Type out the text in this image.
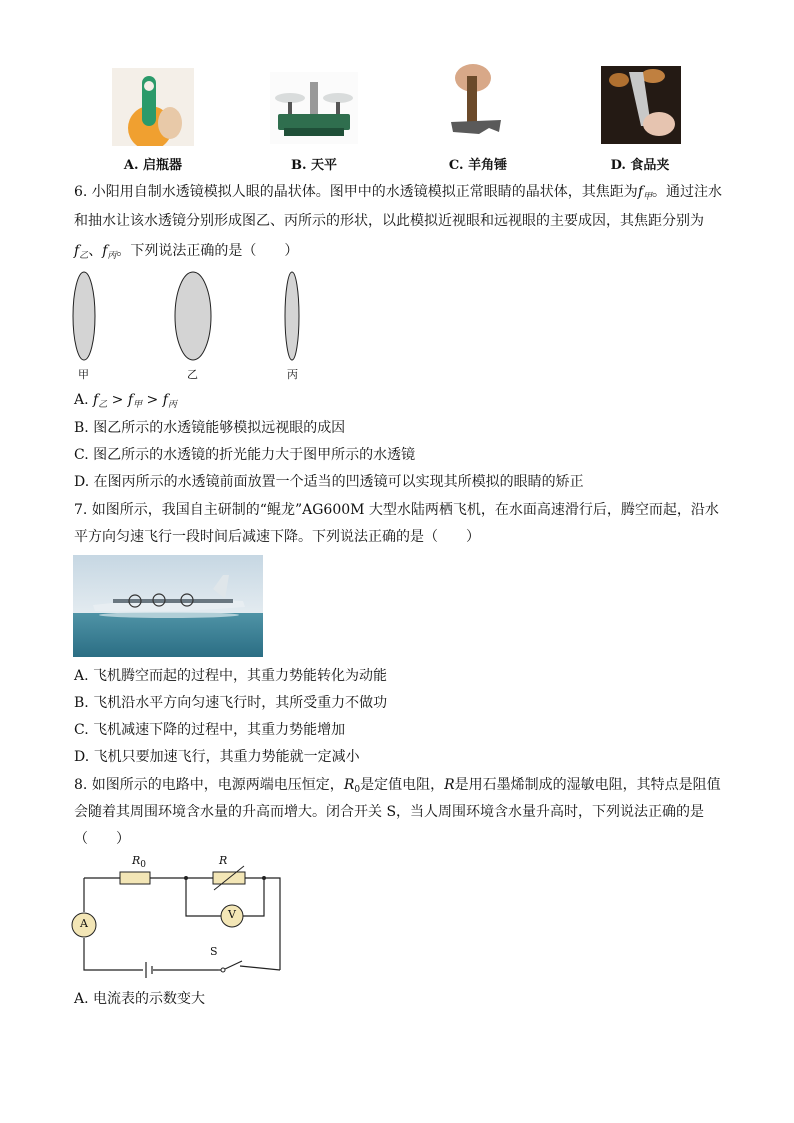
A. 启瓶器	B. 天平	C. 羊角锤	D. 食品夹
6. 小阳用自制水透镜模拟人眼的晶状体。图甲中的水透镜模拟正常眼睛的晶状体，其焦距为$f_甲$。通过注水
和抽水让该水透镜分别形成图乙、丙所示的形状，以此模拟近视眼和远视眼的主要成因，其焦距分别为
$f_乙$、$f_丙$。下列说法正确的是（　　）
甲	乙	丙
A. $f_乙 > f_甲 > f_丙$
B. 图乙所示的水透镜能够模拟远视眼的成因
C. 图乙所示的水透镜的折光能力大于图甲所示的水透镜
D. 在图丙所示的水透镜前面放置一个适当的凹透镜可以实现其所模拟的眼睛的矫正
7. 如图所示，我国自主研制的“鲲龙”AG600M 大型水陆两栖飞机，在水面高速滑行后，腾空而起，沿水
平方向匀速飞行一段时间后减速下降。下列说法正确的是（　　）
A. 飞机腾空而起的过程中，其重力势能转化为动能
B. 飞机沿水平方向匀速飞行时，其所受重力不做功
C. 飞机减速下降的过程中，其重力势能增加
D. 飞机只要加速飞行，其重力势能就一定减小
8. 如图所示的电路中，电源两端电压恒定，$R_0$是定值电阻，R是用石墨烯制成的湿敏电阻，其特点是阻值
会随着其周围环境含水量的升高而增大。闭合开关 S，当人周围环境含水量升高时，下列说法正确的是
（　　）
$R_0$	R
A
V
S
A. 电流表的示数变大
